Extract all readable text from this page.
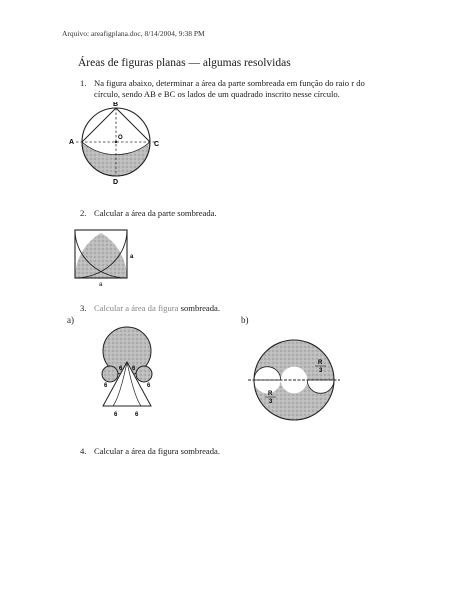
Arquivo: areafigplana.doc, 8/14/2004, 9:38 PM
Áreas de figuras planas — algumas resolvidas
1. Na figura abaixo, determinar a área da parte sombreada em função do raio r do
círculo, sendo AB e BC os lados de um quadrado inscrito nesse círculo.
A
B
C
D
O
2. Calcular a área da parte sombreada.
a
a
3. Calcular a área da figura sombreada.
a)	b)
6 6
6	6
6	6
R
3
R
3
4. Calcular a área da figura sombreada.
